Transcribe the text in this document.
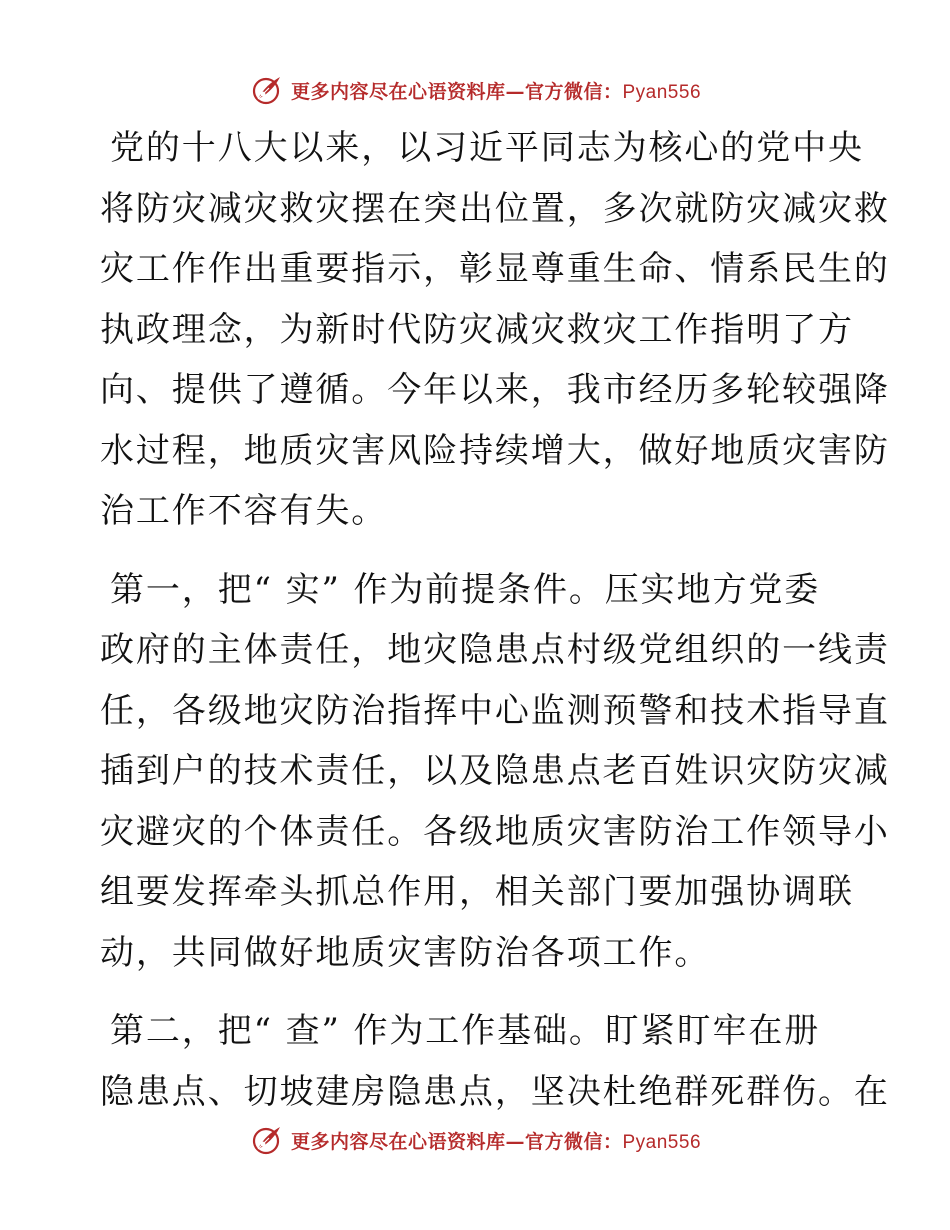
更多内容尽在心语资料库—官方微信：Pyan556
党的十八大以来，以习近平同志为核心的党中央
将防灾减灾救灾摆在突出位置，多次就防灾减灾救
灾工作作出重要指示，彰显尊重生命、情系民生的
执政理念，为新时代防灾减灾救灾工作指明了方
向、提供了遵循。今年以来，我市经历多轮较强降
水过程，地质灾害风险持续增大，做好地质灾害防
治工作不容有失。
第一，把“ 实” 作为前提条件。压实地方党委
政府的主体责任，地灾隐患点村级党组织的一线责
任，各级地灾防治指挥中心监测预警和技术指导直
插到户的技术责任，以及隐患点老百姓识灾防灾减
灾避灾的个体责任。各级地质灾害防治工作领导小
组要发挥牵头抓总作用，相关部门要加强协调联
动，共同做好地质灾害防治各项工作。
第二，把“ 查” 作为工作基础。盯紧盯牢在册
隐患点、切坡建房隐患点，坚决杜绝群死群伤。在
更多内容尽在心语资料库—官方微信：Pyan556
